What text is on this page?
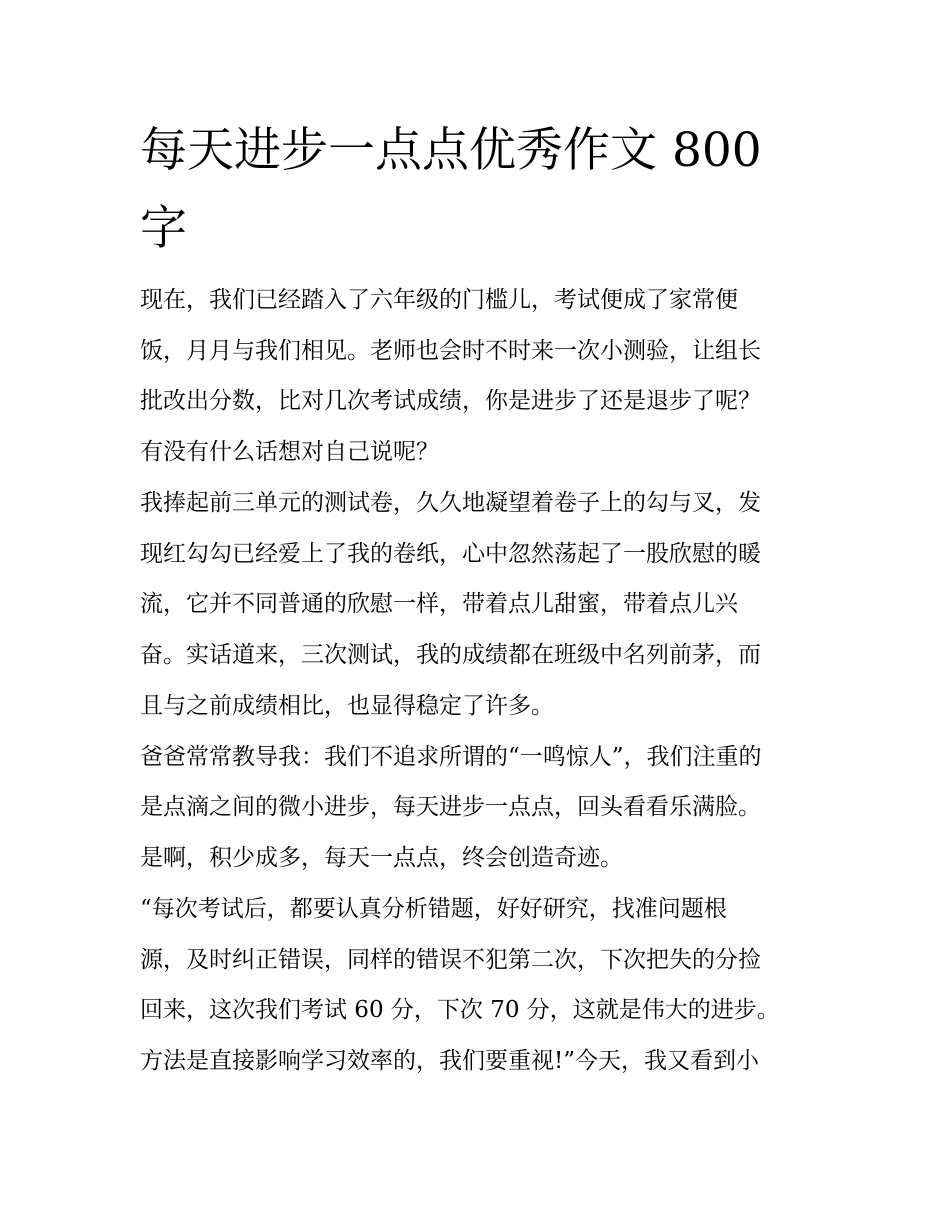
每天进步一点点优秀作文 800
字

现在，我们已经踏入了六年级的门槛儿，考试便成了家常便

饭，月月与我们相见。老师也会时不时来一次小测验，让组长

批改出分数，比对几次考试成绩，你是进步了还是退步了呢？

有没有什么话想对自己说呢？

我捧起前三单元的测试卷，久久地凝望着卷子上的勾与叉，发

现红勾勾已经爱上了我的卷纸，心中忽然荡起了一股欣慰的暖

流，它并不同普通的欣慰一样，带着点儿甜蜜，带着点儿兴

奋。实话道来，三次测试，我的成绩都在班级中名列前茅，而

且与之前成绩相比，也显得稳定了许多。

爸爸常常教导我：我们不追求所谓的“一鸣惊人”，我们注重的

是点滴之间的微小进步，每天进步一点点，回头看看乐满脸。

是啊，积少成多，每天一点点，终会创造奇迹。

“每次考试后，都要认真分析错题，好好研究，找准问题根

源，及时纠正错误，同样的错误不犯第二次，下次把失的分捡

回来，这次我们考试 60 分，下次 70 分，这就是伟大的进步。

方法是直接影响学习效率的，我们要重视!”今天，我又看到小
